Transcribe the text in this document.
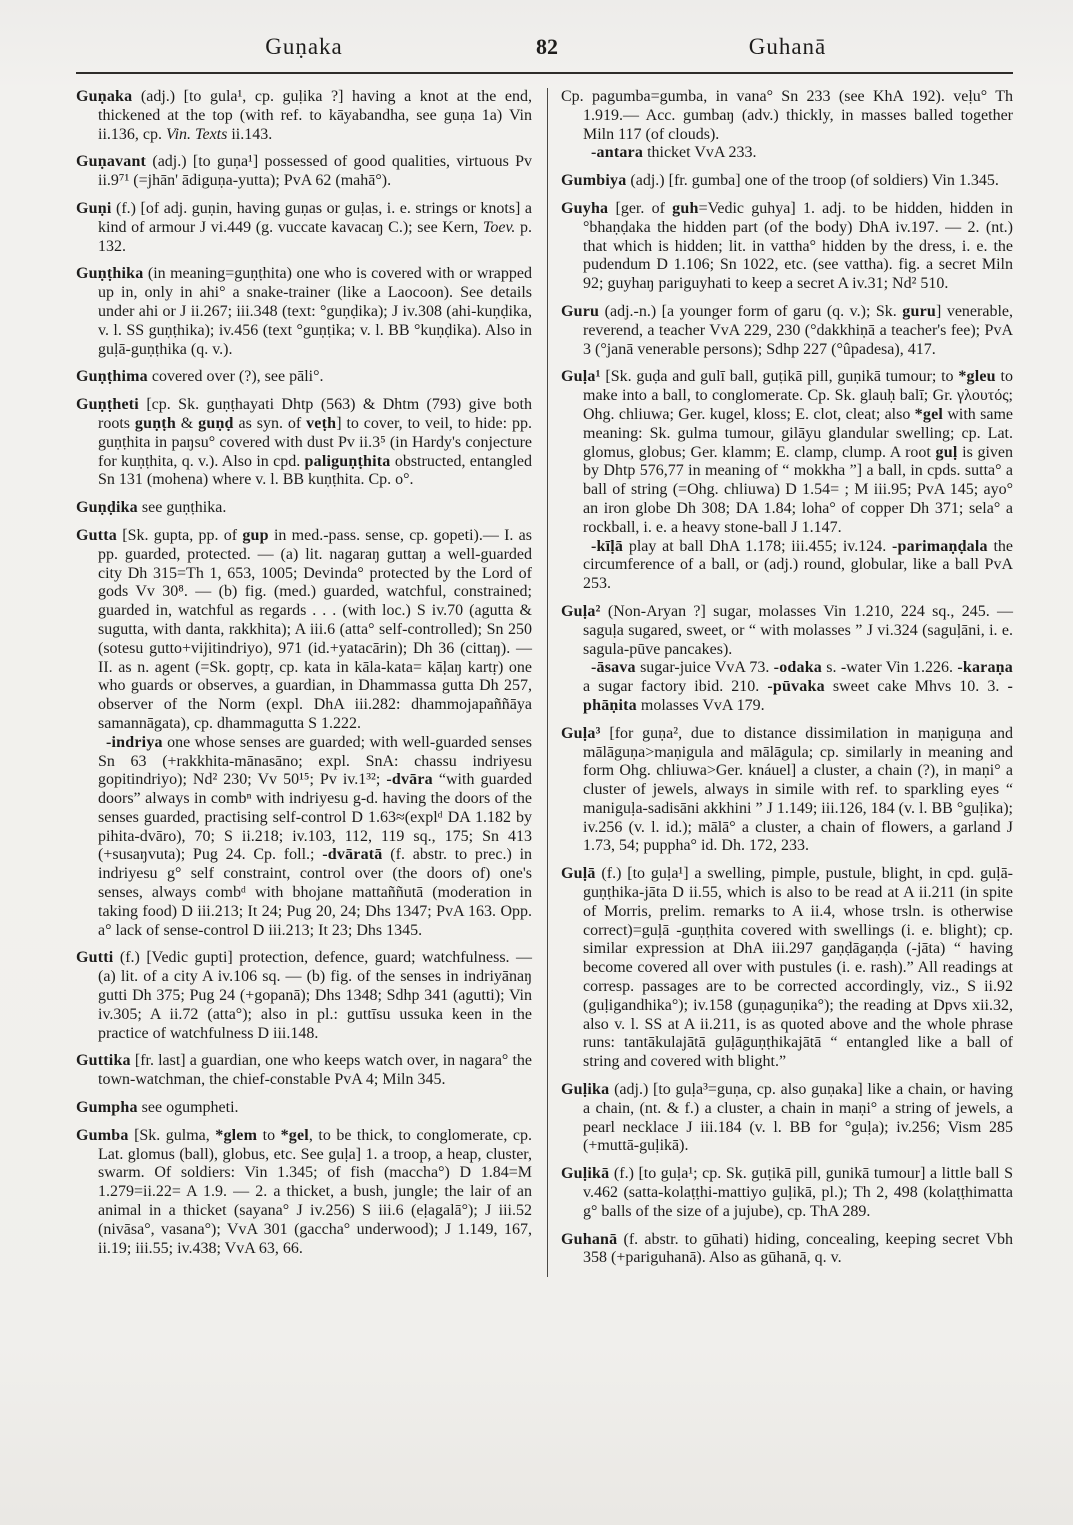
Guṇaka	82	Guhanā

Guṇaka (adj.) [to gula¹, cp. guḷika ?] having a knot at the end, thickened at the top (with ref. to kāyabandha, see guṇa 1a) Vin ii.136, cp. Vin. Texts ii.143.

Guṇavant (adj.) [to guṇa¹] possessed of good qualities, virtuous Pv ii.9⁷¹ (=jhān' ādiguṇa-yutta); PvA 62 (mahā°).

Guṇi (f.) [of adj. guṇin, having guṇas or guḷas, i. e. strings or knots] a kind of armour J vi.449 (g. vuccate kavacaŋ C.); see Kern, Toev. p. 132.

Guṇṭhika (in meaning=guṇṭhita) one who is covered with or wrapped up in, only in ahi° a snake-trainer (like a Laocoon). See details under ahi or J ii.267; iii.348 (text: °guṇḍika); J iv.308 (ahi-kuṇḍika, v. l. SS guṇṭhika); iv.456 (text °guṇṭika; v. l. BB °kuṇḍika). Also in guḷā-guṇṭhika (q. v.).

Guṇṭhima covered over (?), see pāli°.

Guṇṭheti [cp. Sk. guṇṭhayati Dhtp (563) & Dhtm (793) give both roots guṇṭh & guṇḍ as syn. of veṭh] to cover, to veil, to hide: pp. guṇṭhita in paŋsu° covered with dust Pv ii.3⁵ (in Hardy's conjecture for kuṇṭhita, q. v.). Also in cpd. paliguṇṭhita obstructed, entangled Sn 131 (mohena) where v. l. BB kuṇṭhita. Cp. o°.

Guṇḍika see guṇṭhika.

Gutta [Sk. gupta, pp. of gup in med.-pass. sense, cp. gopeti).— I. as pp. guarded, protected. — (a) lit. nagaraŋ guttaŋ a well-guarded city Dh 315=Th 1, 653, 1005; Devinda° protected by the Lord of gods Vv 30⁸. — (b) fig. (med.) guarded, watchful, constrained; guarded in, watchful as regards . . . (with loc.) S iv.70 (agutta & sugutta, with danta, rakkhita); A iii.6 (atta° self-controlled); Sn 250 (sotesu gutto+vijitindriyo), 971 (id.+yatacārin); Dh 36 (cittaŋ). — II. as n. agent (=Sk. goptṛ, cp. kata in kāla-kata= kāḷaŋ kartṛ) one who guards or observes, a guardian, in Dhammassa gutta Dh 257, observer of the Norm (expl. DhA iii.282: dhammojapaññāya samannāgata), cp. dhammagutta S 1.222.

-indriya one whose senses are guarded; with well-guarded senses Sn 63 (+rakkhita-mānasāno; expl. SnA: chassu indriyesu gopitindriyo); Nd² 230; Vv 50¹⁵; Pv iv.1³²; -dvāra “with guarded doors” always in combⁿ with indriyesu g-d. having the doors of the senses guarded, practising self-control D 1.63≈(explᵈ DA 1.182 by pihita-dvāro), 70; S ii.218; iv.103, 112, 119 sq., 175; Sn 413 (+susaŋvuta); Pug 24. Cp. foll.; -dvāratā (f. abstr. to prec.) in indriyesu g° self constraint, control over (the doors of) one's senses, always combᵈ with bhojane mattaññutā (moderation in taking food) D iii.213; It 24; Pug 20, 24; Dhs 1347; PvA 163. Opp. a° lack of sense-control D iii.213; It 23; Dhs 1345.

Gutti (f.) [Vedic gupti] protection, defence, guard; watchfulness. — (a) lit. of a city A iv.106 sq. — (b) fig. of the senses in indriyānaŋ gutti Dh 375; Pug 24 (+gopanā); Dhs 1348; Sdhp 341 (agutti); Vin iv.305; A ii.72 (atta°); also in pl.: guttīsu ussuka keen in the practice of watchfulness D iii.148.

Guttika [fr. last] a guardian, one who keeps watch over, in nagara° the town-watchman, the chief-constable PvA 4; Miln 345.

Gumpha see ogumpheti.

Gumba [Sk. gulma, *glem to *gel, to be thick, to conglomerate, cp. Lat. glomus (ball), globus, etc. See guḷa] 1. a troop, a heap, cluster, swarm. Of soldiers: Vin 1.345; of fish (maccha°) D 1.84=M 1.279=ii.22= A 1.9. — 2. a thicket, a bush, jungle; the lair of an animal in a thicket (sayana° J iv.256) S iii.6 (eḷagalā°); J iii.52 (nivāsa°, vasana°); VvA 301 (gaccha° underwood); J 1.149, 167, ii.19; iii.55; iv.438; VvA 63, 66.

Cp. pagumba=gumba, in vana° Sn 233 (see KhA 192). veḷu° Th 1.919.— Acc. gumbaŋ (adv.) thickly, in masses balled together Miln 117 (of clouds).

-antara thicket VvA 233.

Gumbiya (adj.) [fr. gumba] one of the troop (of soldiers) Vin 1.345.

Guyha [ger. of guh=Vedic guhya] 1. adj. to be hidden, hidden in °bhaṇḍaka the hidden part (of the body) DhA iv.197. — 2. (nt.) that which is hidden; lit. in vattha° hidden by the dress, i. e. the pudendum D 1.106; Sn 1022, etc. (see vattha). fig. a secret Miln 92; guyhaŋ pariguyhati to keep a secret A iv.31; Nd² 510.

Guru (adj.-n.) [a younger form of garu (q. v.); Sk. guru] venerable, reverend, a teacher VvA 229, 230 (°dakkhiṇā a teacher's fee); PvA 3 (°janā venerable persons); Sdhp 227 (°ûpadesa), 417.

Guḷa¹ [Sk. guḍa and gulī ball, guṭikā pill, guṇikā tumour; to *gleu to make into a ball, to conglomerate. Cp. Sk. glauḥ balī; Gr. γλουτός; Ohg. chliuwa; Ger. kugel, kloss; E. clot, cleat; also *gel with same meaning: Sk. gulma tumour, gilāyu glandular swelling; cp. Lat. glomus, globus; Ger. klamm; E. clamp, clump. A root guḷ is given by Dhtp 576,77 in meaning of “ mokkha ”] a ball, in cpds. sutta° a ball of string (=Ohg. chliuwa) D 1.54= ; M iii.95; PvA 145; ayo° an iron globe Dh 308; DA 1.84; loha° of copper Dh 371; sela° a rockball, i. e. a heavy stone-ball J 1.147.

-kīḷā play at ball DhA 1.178; iii.455; iv.124. -parimaṇḍala the circumference of a ball, or (adj.) round, globular, like a ball PvA 253.

Guḷa² (Non-Aryan ?] sugar, molasses Vin 1.210, 224 sq., 245. — saguḷa sugared, sweet, or “ with molasses ” J vi.324 (saguḷāni, i. e. sagula-pūve pancakes).

-āsava sugar-juice VvA 73. -odaka s. -water Vin 1.226. -karaṇa a sugar factory ibid. 210. -pūvaka sweet cake Mhvs 10. 3. -phāṇita molasses VvA 179.

Guḷa³ [for guṇa², due to distance dissimilation in maṇiguṇa and mālāguṇa>maṇigula and mālāgula; cp. similarly in meaning and form Ohg. chliuwa>Ger. knáuel] a cluster, a chain (?), in maṇi° a cluster of jewels, always in simile with ref. to sparkling eyes “ maniguḷa-sadisāni akkhini ” J 1.149; iii.126, 184 (v. l. BB °guḷika); iv.256 (v. l. id.); mālā° a cluster, a chain of flowers, a garland J 1.73, 54; puppha° id. Dh. 172, 233.

Guḷā (f.) [to guḷa¹] a swelling, pimple, pustule, blight, in cpd. guḷā-guṇṭhika-jāta D ii.55, which is also to be read at A ii.211 (in spite of Morris, prelim. remarks to A ii.4, whose trsln. is otherwise correct)=guḷā -guṇṭhita covered with swellings (i. e. blight); cp. similar expression at DhA iii.297 gaṇḍāgaṇḍa (-jāta) “ having become covered all over with pustules (i. e. rash).” All readings at corresp. passages are to be corrected accordingly, viz., S ii.92 (guḷigandhika°); iv.158 (guṇaguṇika°); the reading at Dpvs xii.32, also v. l. SS at A ii.211, is as quoted above and the whole phrase runs: tantākulajātā guḷāguṇṭhikajātā “ entangled like a ball of string and covered with blight.”

Guḷika (adj.) [to guḷa³=guṇa, cp. also guṇaka] like a chain, or having a chain, (nt. & f.) a cluster, a chain in maṇi° a string of jewels, a pearl necklace J iii.184 (v. l. BB for °guḷa); iv.256; Vism 285 (+muttā-guḷikā).

Guḷikā (f.) [to guḷa¹; cp. Sk. guṭikā pill, gunikā tumour] a little ball S v.462 (satta-kolaṭṭhi-mattiyo guḷikā, pl.); Th 2, 498 (kolaṭṭhimatta g° balls of the size of a jujube), cp. ThA 289.

Guhanā (f. abstr. to gūhati) hiding, concealing, keeping secret Vbh 358 (+pariguhanā). Also as gūhanā, q. v.
